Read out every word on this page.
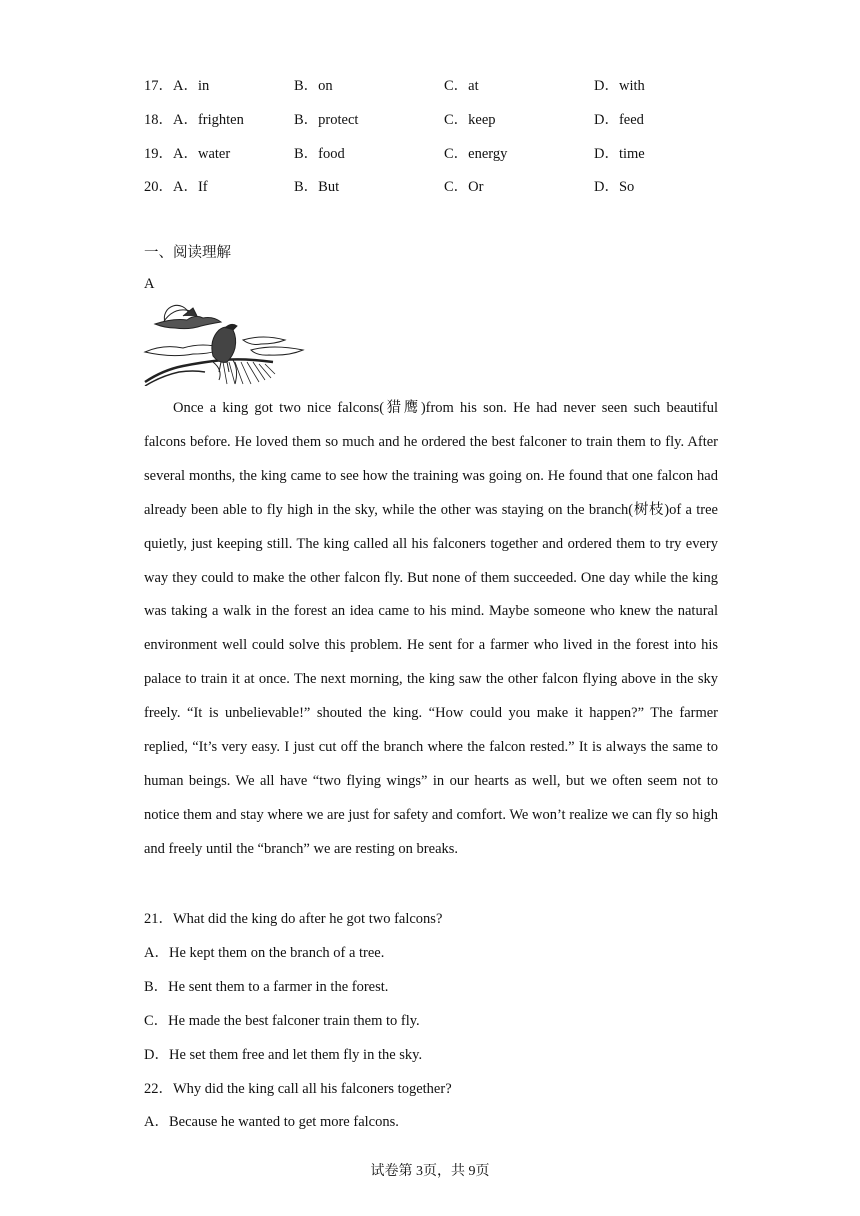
17．A．in	B．on	C．at	D．with
18．A．frighten	B．protect	C．keep	D．feed
19．A．water	B．food	C．energy	D．time
20．A．If	B．But	C．Or	D．So
一、阅读理解
A

Once a king got two nice falcons(猎鹰)from his son. He had never seen such beautiful falcons before. He loved them so much and he ordered the best falconer to train them to fly. After several months, the king came to see how the training was going on. He found that one falcon had already been able to fly high in the sky, while the other was staying on the branch(树枝)of a tree quietly, just keeping still. The king called all his falconers together and ordered them to try every way they could to make the other falcon fly. But none of them succeeded. One day while the king was taking a walk in the forest an idea came to his mind. Maybe someone who knew the natural environment well could solve this problem. He sent for a farmer who lived in the forest into his palace to train it at once. The next morning, the king saw the other falcon flying above in the sky freely. “It is unbelievable!” shouted the king. “How could you make it happen?” The farmer replied, “It’s very easy. I just cut off the branch where the falcon rested.” It is always the same to human beings. We all have “two flying wings” in our hearts as well, but we often seem not to notice them and stay where we are just for safety and comfort. We won’t realize we can fly so high and freely until the “branch” we are resting on breaks.

21．What did the king do after he got two falcons?
A．He kept them on the branch of a tree.
B．He sent them to a farmer in the forest.
C．He made the best falconer train them to fly.
D．He set them free and let them fly in the sky.
22．Why did the king call all his falconers together?
A．Because he wanted to get more falcons.
试卷第 3页，共 9页
